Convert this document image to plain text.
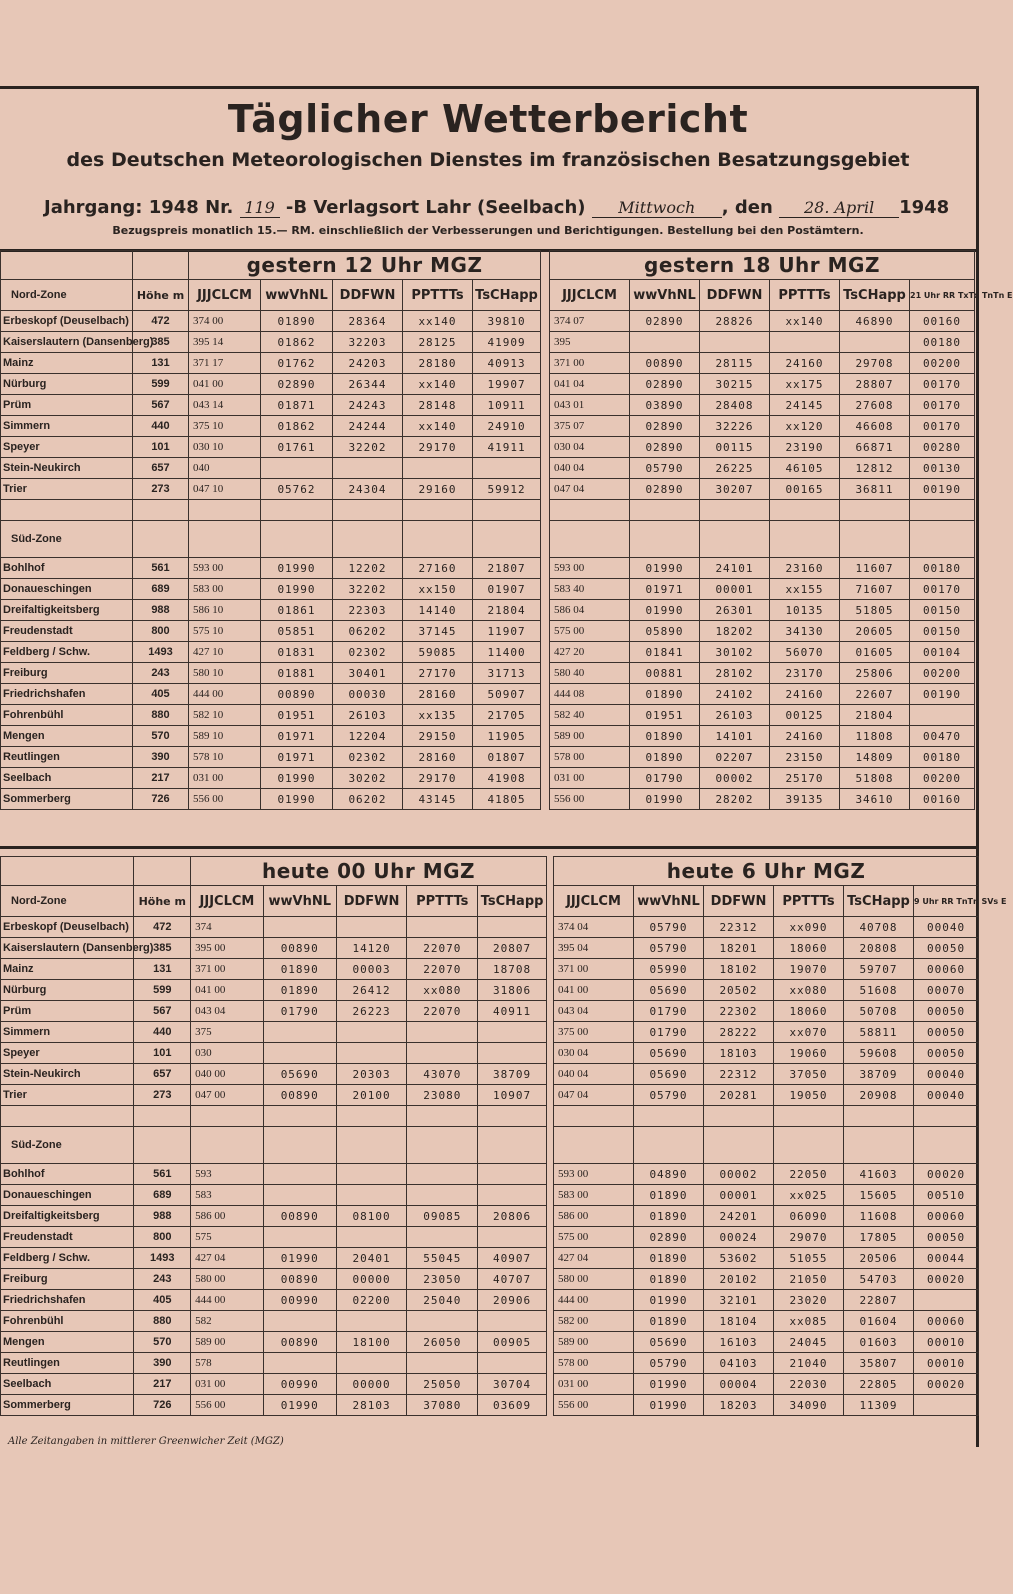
Täglicher Wetterbericht
des Deutschen Meteorologischen Dienstes im französischen Besatzungsgebiet
Jahrgang: 1948 Nr. 119 -B Verlagsort Lahr (Seelbach) Mittwoch , den 28. April 1948
Bezugspreis monatlich 15.— RM. einschließlich der Verbesserungen und Berichtigungen. Bestellung bei den Postämtern.
		gestern 12 Uhr MGZ				
Nord-Zone	Höhe m	JJJCLCM	wwVhNL	DDFWN	PPTTTs	TsCHapp
Erbeskopf (Deuselbach)	472	374 00	01890	28364	xx140	39810
Kaiserslautern (Dansenberg)	385	395 14	01862	32203	28125	41909
Mainz	131	371 17	01762	24203	28180	40913
Nürburg	599	041 00	02890	26344	xx140	19907
Prüm	567	043 14	01871	24243	28148	10911
Simmern	440	375 10	01862	24244	xx140	24910
Speyer	101	030 10	01761	32202	29170	41911
Stein-Neukirch	657	040				
Trier	273	047 10	05762	24304	29160	59912

Süd-Zone						
Bohlhof	561	593 00	01990	12202	27160	21807
Donaueschingen	689	583 00	01990	32202	xx150	01907
Dreifaltigkeitsberg	988	586 10	01861	22303	14140	21804
Freudenstadt	800	575 10	05851	06202	37145	11907
Feldberg / Schw.	1493	427 10	01831	02302	59085	11400
Freiburg	243	580 10	01881	30401	27170	31713
Friedrichshafen	405	444 00	00890	00030	28160	50907
Fohrenbühl	880	582 10	01951	26103	xx135	21705
Mengen	570	589 10	01971	12204	29150	11905
Reutlingen	390	578 10	01971	02302	28160	01807
Seelbach	217	031 00	01990	30202	29170	41908
Sommerberg	726	556 00	01990	06202	43145	41805
gestern 18 Uhr MGZ					
JJJCLCM	wwVhNL	DDFWN	PPTTTs	TsCHapp	21 Uhr RR TxTx TnTn E
374 07	02890	28826	xx140	46890	00160
395					00180
371 00	00890	28115	24160	29708	00200
041 04	02890	30215	xx175	28807	00170
043 01	03890	28408	24145	27608	00170
375 07	02890	32226	xx120	46608	00170
030 04	02890	00115	23190	66871	00280
040 04	05790	26225	46105	12812	00130
047 04	02890	30207	00165	36811	00190

593 00	01990	24101	23160	11607	00180
583 40	01971	00001	xx155	71607	00170
586 04	01990	26301	10135	51805	00150
575 00	05890	18202	34130	20605	00150
427 20	01841	30102	56070	01605	00104
580 40	00881	28102	23170	25806	00200
444 08	01890	24102	24160	22607	00190
582 40	01951	26103	00125	21804	
589 00	01890	14101	24160	11808	00470
578 00	01890	02207	23150	14809	00180
031 00	01790	00002	25170	51808	00200
556 00	01990	28202	39135	34610	00160
		heute 00 Uhr MGZ				
Nord-Zone	Höhe m	JJJCLCM	wwVhNL	DDFWN	PPTTTs	TsCHapp
Erbeskopf (Deuselbach)	472	374				
Kaiserslautern (Dansenberg)	385	395 00	00890	14120	22070	20807
Mainz	131	371 00	01890	00003	22070	18708
Nürburg	599	041 00	01890	26412	xx080	31806
Prüm	567	043 04	01790	26223	22070	40911
Simmern	440	375				
Speyer	101	030				
Stein-Neukirch	657	040 00	05690	20303	43070	38709
Trier	273	047 00	00890	20100	23080	10907

Süd-Zone						
Bohlhof	561	593				
Donaueschingen	689	583				
Dreifaltigkeitsberg	988	586 00	00890	08100	09085	20806
Freudenstadt	800	575				
Feldberg / Schw.	1493	427 04	01990	20401	55045	40907
Freiburg	243	580 00	00890	00000	23050	40707
Friedrichshafen	405	444 00	00990	02200	25040	20906
Fohrenbühl	880	582				
Mengen	570	589 00	00890	18100	26050	00905
Reutlingen	390	578				
Seelbach	217	031 00	00990	00000	25050	30704
Sommerberg	726	556 00	01990	28103	37080	03609
heute 6 Uhr MGZ					
JJJCLCM	wwVhNL	DDFWN	PPTTTs	TsCHapp	9 Uhr RR TnTn SVs E
374 04	05790	22312	xx090	40708	00040
395 04	05790	18201	18060	20808	00050
371 00	05990	18102	19070	59707	00060
041 00	05690	20502	xx080	51608	00070
043 04	01790	22302	18060	50708	00050
375 00	01790	28222	xx070	58811	00050
030 04	05690	18103	19060	59608	00050
040 04	05690	22312	37050	38709	00040
047 04	05790	20281	19050	20908	00040

593 00	04890	00002	22050	41603	00020
583 00	01890	00001	xx025	15605	00510
586 00	01890	24201	06090	11608	00060
575 00	02890	00024	29070	17805	00050
427 04	01890	53602	51055	20506	00044
580 00	01890	20102	21050	54703	00020
444 00	01990	32101	23020	22807	
582 00	01890	18104	xx085	01604	00060
589 00	05690	16103	24045	01603	00010
578 00	05790	04103	21040	35807	00010
031 00	01990	00004	22030	22805	00020
556 00	01990	18203	34090	11309	
Alle Zeitangaben in mittlerer Greenwicher Zeit (MGZ)
